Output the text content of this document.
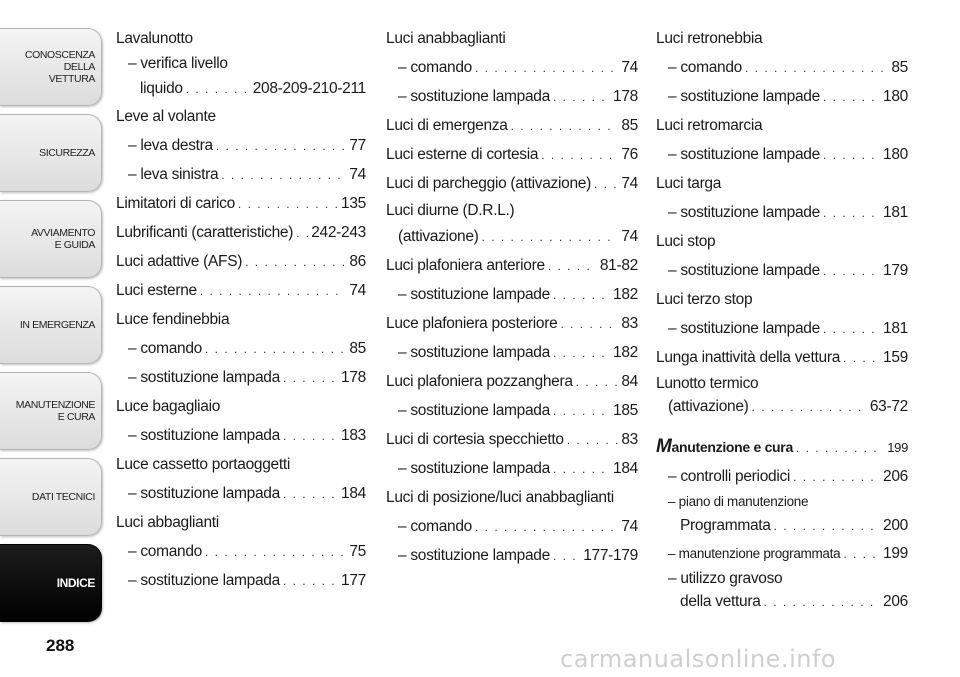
CONOSCENZA
DELLA
VETTURA
SICUREZZA
AVVIAMENTO
E GUIDA
IN EMERGENZA
MANUTENZIONE
E CURA
DATI TECNICI
INDICE
288
Lavalunotto
– verifica livello
liquido . . .	208-209-210-211
Leve al volante
– leva destra . . .	77
– leva sinistra . . .	74
Limitatori di carico . . .	135
Lubrificanti (caratteristiche) . . . 242-243
Luci adattive (AFS) . . .	86
Luci esterne . . .	74
Luce fendinebbia
– comando . . .	85
– sostituzione lampada . . .	178
Luce bagagliaio
– sostituzione lampada . . .	183
Luce cassetto portaoggetti
– sostituzione lampada . . .	184
Luci abbaglianti
– comando . . .	75
– sostituzione lampada . . .	177
Luci anabbaglianti
– comando . . .	74
– sostituzione lampada . . .	178
Luci di emergenza . . .	85
Luci esterne di cortesia . . .	76
Luci di parcheggio (attivazione) . . . 74
Luci diurne (D.R.L.)
(attivazione) . . .	74
Luci plafoniera anteriore . . .	81-82
– sostituzione lampade . . .	182
Luce plafoniera posteriore . . .	83
– sostituzione lampada . . .	182
Luci plafoniera pozzanghera . . .	84
– sostituzione lampada . . .	185
Luci di cortesia specchietto . . .	83
– sostituzione lampada . . .	184
Luci di posizione/luci anabbaglianti
– comando . . .	74
– sostituzione lampade . . . 177-179
Luci retronebbia
– comando . . .	85
– sostituzione lampade . . .	180
Luci retromarcia
– sostituzione lampade . . .	180
Luci targa
– sostituzione lampade . . .	181
Luci stop
– sostituzione lampade . . .	179
Luci terzo stop
– sostituzione lampade . . .	181
Lunga inattività della vettura . . .	159
Lunotto termico
(attivazione) . . .	63-72
Manutenzione e cura . . .	199
– controlli periodici . . .	206
– piano di manutenzione
Programmata . . .	200
– manutenzione programmata . . .	199
– utilizzo gravoso
della vettura . . .	206
carmanualsonline.info
